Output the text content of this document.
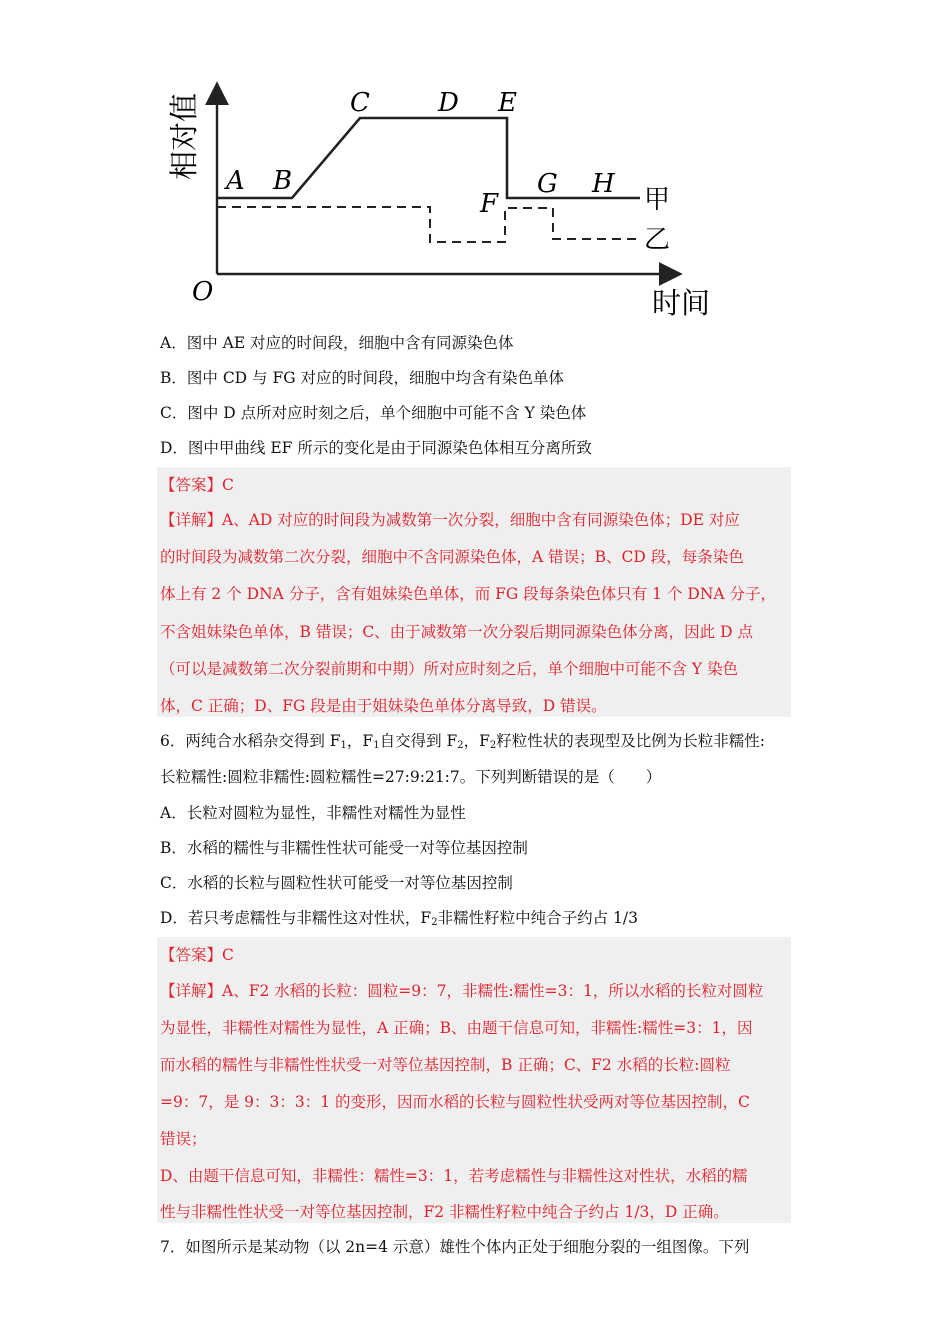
相对值
时间
O
A B
C	D E
F
G H 甲
乙
A．图中 AE 对应的时间段，细胞中含有同源染色体
B．图中 CD 与 FG 对应的时间段，细胞中均含有染色单体
C．图中 D 点所对应时刻之后，单个细胞中可能不含 Y 染色体
D．图中甲曲线 EF 所示的变化是由于同源染色体相互分离所致
【答案】C
【详解】A、AD 对应的时间段为减数第一次分裂，细胞中含有同源染色体；DE 对应
的时间段为减数第二次分裂，细胞中不含同源染色体，A 错误；B、CD 段，每条染色
体上有 2 个 DNA 分子，含有姐妹染色单体，而 FG 段每条染色体只有 1 个 DNA 分子，
不含姐妹染色单体，B 错误；C、由于减数第一次分裂后期同源染色体分离，因此 D 点
（可以是减数第二次分裂前期和中期）所对应时刻之后，单个细胞中可能不含 Y 染色
体，C 正确；D、FG 段是由于姐妹染色单体分离导致，D 错误。
6．两纯合水稻杂交得到 $F_1$，$F_1$自交得到 $F_2$，$F_2$籽粒性状的表现型及比例为长粒非糯性:
长粒糯性:圆粒非糯性:圆粒糯性=27:9:21:7。下列判断错误的是（　　）
A．长粒对圆粒为显性，非糯性对糯性为显性
B．水稻的糯性与非糯性性状可能受一对等位基因控制
C．水稻的长粒与圆粒性状可能受一对等位基因控制
D．若只考虑糯性与非糯性这对性状，$F_2$非糯性籽粒中纯合子约占 1/3
【答案】C
【详解】A、F2 水稻的长粒：圆粒=9：7，非糯性:糯性=3：1，所以水稻的长粒对圆粒
为显性，非糯性对糯性为显性，A 正确；B、由题干信息可知，非糯性:糯性=3：1，因
而水稻的糯性与非糯性性状受一对等位基因控制，B 正确；C、F2 水稻的长粒:圆粒
=9：7，是 9：3：3：1 的变形，因而水稻的长粒与圆粒性状受两对等位基因控制，C
错误；
D、由题干信息可知，非糯性：糯性=3：1，若考虑糯性与非糯性这对性状，水稻的糯
性与非糯性性状受一对等位基因控制，F2 非糯性籽粒中纯合子约占 1/3，D 正确。
7．如图所示是某动物（以 2n=4 示意）雄性个体内正处于细胞分裂的一组图像。下列
